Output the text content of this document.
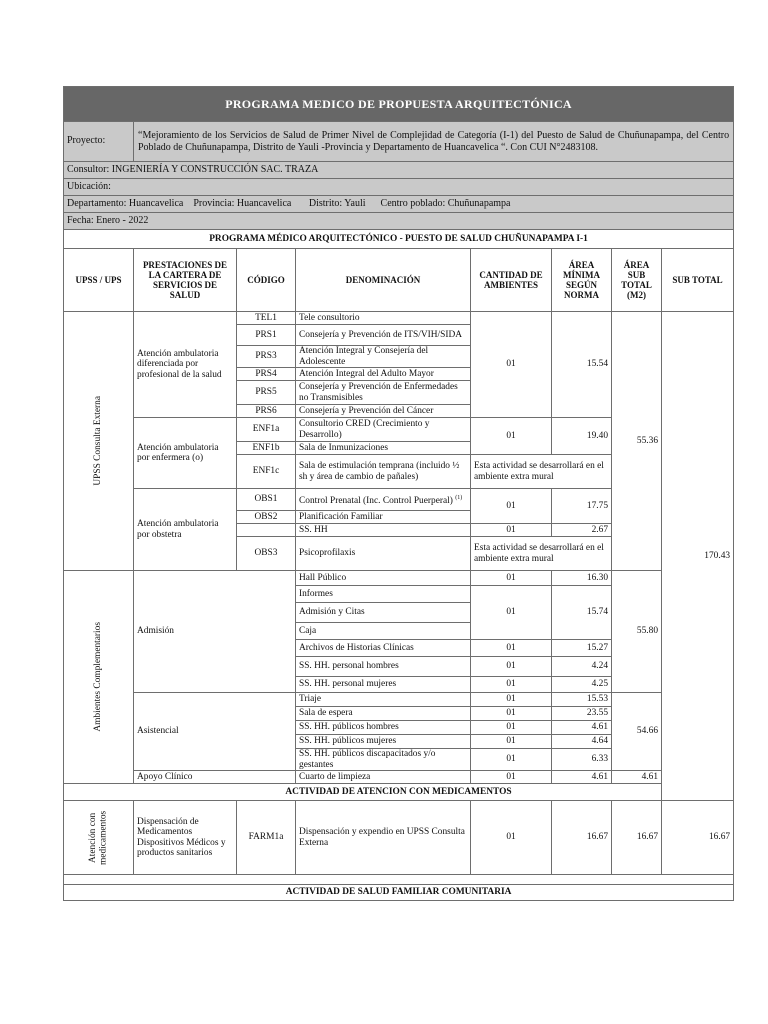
PROGRAMA MEDICO DE PROPUESTA ARQUITECTÓNICA							
Proyecto:	“Mejoramiento de los Servicios de Salud de Primer Nivel de Complejidad de Categoría (I-1) del Puesto de Salud de Chuñunapampa, del Centro Poblado de Chuñunapampa, Distrito de Yauli -Provincia y Departamento de Huancavelica “. Con CUI N°2483108.						
Consultor: INGENIERÍA Y CONSTRUCCIÓN SAC. TRAZA							
Ubicación:							
Departamento: Huancavelica    Provincia: Huancavelica       Distrito: Yauli      Centro poblado: Chuñunapampa							
Fecha: Enero - 2022							
PROGRAMA MÉDICO ARQUITECTÓNICO - PUESTO DE SALUD CHUÑUNAPAMPA I-1							
UPSS / UPS	PRESTACIONES DE LA CARTERA DE SERVICIOS DE SALUD	CÓDIGO	DENOMINACIÓN	CANTIDAD DE AMBIENTES	ÁREA MÍNIMA SEGÚN NORMA	ÁREA SUB TOTAL (M2)	SUB TOTAL

UPSS Consulta Externa	Atención ambulatoria diferenciada por profesional de la salud	TEL1	Tele consultorio	01	15.54	55.36	170.43
		PRS1	Consejería y Prevención de ITS/VIH/SIDA				
		PRS3	Atención Integral y Consejería del Adolescente				
		PRS4	Atención Integral del Adulto Mayor				
		PRS5	Consejería y Prevención de Enfermedades no Transmisibles				
		PRS6	Consejería y Prevención del Cáncer				
	Atención ambulatoria por enfermera (o)	ENF1a	Consultorio CRED (Crecimiento y Desarrollo)	01	19.40		
		ENF1b	Sala de Inmunizaciones				
		ENF1c	Sala de estimulación temprana (incluido ½ sh y área de cambio de pañales)	Esta actividad se desarrollará en el ambiente extra mural			
	Atención ambulatoria por obstetra	OBS1	Control Prenatal (Inc. Control Puerperal) $^{(1)}$	01	17.75		
		OBS2	Planificación Familiar				
			SS. HH	01	2.67		
		OBS3	Psicoprofilaxis	Esta actividad se desarrollará en el ambiente extra mural			

Ambientes Complementarios	Admisión		Hall Público	01	16.30	55.80	
			Informes	01	15.74		
			Admisión y Citas				
			Caja				
			Archivos de Historias Clínicas	01	15.27		
			SS. HH. personal hombres	01	4.24		
			SS. HH. personal mujeres	01	4.25		
	Asistencial		Triaje	01	15.53	54.66	
			Sala de espera	01	23.55		
			SS. HH. públicos hombres	01	4.61		
			SS. HH. públicos mujeres	01	4.64		
			SS. HH. públicos discapacitados y/o gestantes	01	6.33		
	Apoyo Clínico		Cuarto de limpieza	01	4.61	4.61	
ACTIVIDAD DE ATENCION CON MEDICAMENTOS							

Atención con medicamentos	Dispensación de Medicamentos Dispositivos Médicos y productos sanitarios	FARM1a	Dispensación y expendio en UPSS Consulta Externa	01	16.67	16.67	16.67

ACTIVIDAD DE SALUD FAMILIAR COMUNITARIA							
